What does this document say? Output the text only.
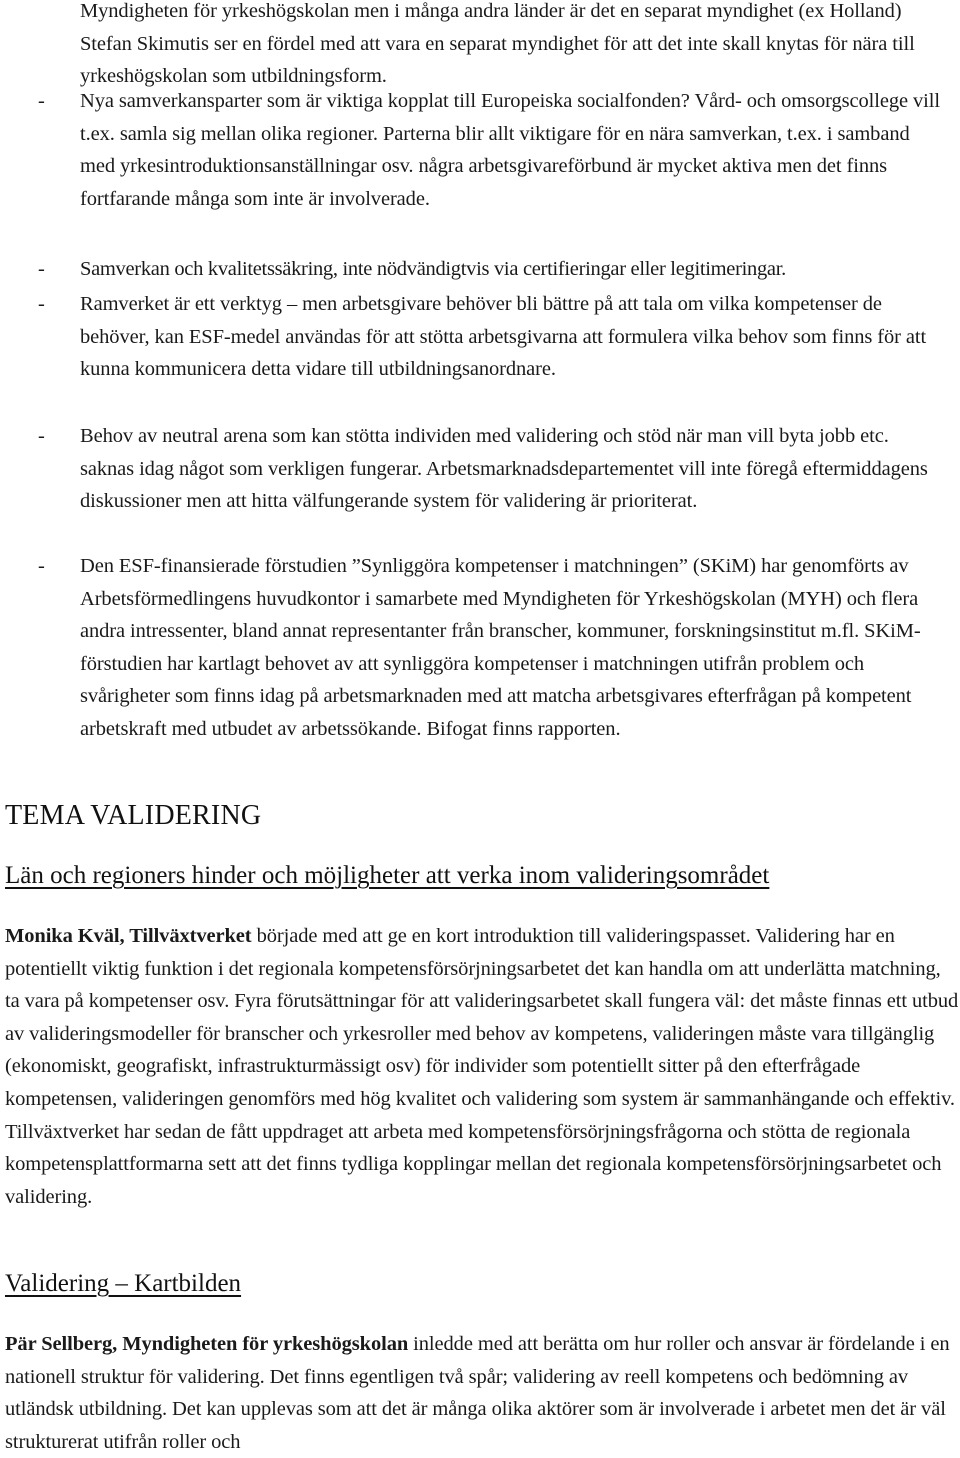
Myndigheten för yrkeshögskolan men i många andra länder är det en separat myndighet (ex Holland) Stefan Skimutis ser en fördel med att vara en separat myndighet för att det inte skall knytas för nära till yrkeshögskolan som utbildningsform.

- Nya samverkansparter som är viktiga kopplat till Europeiska socialfonden? Vård- och omsorgscollege vill t.ex. samla sig mellan olika regioner. Parterna blir allt viktigare för en nära samverkan, t.ex. i samband med yrkesintroduktionsanställningar osv. några arbetsgivareförbund är mycket aktiva men det finns fortfarande många som inte är involverade.

- Samverkan och kvalitetssäkring, inte nödvändigtvis via certifieringar eller legitimeringar.

- Ramverket är ett verktyg – men arbetsgivare behöver bli bättre på att tala om vilka kompetenser de behöver, kan ESF-medel användas för att stötta arbetsgivarna att formulera vilka behov som finns för att kunna kommunicera detta vidare till utbildningsanordnare.

- Behov av neutral arena som kan stötta individen med validering och stöd när man vill byta jobb etc. saknas idag något som verkligen fungerar. Arbetsmarknadsdepartementet vill inte föregå eftermiddagens diskussioner men att hitta välfungerande system för validering är prioriterat.

- Den ESF-finansierade förstudien ”Synliggöra kompetenser i matchningen” (SKiM) har genomförts av Arbetsförmedlingens huvudkontor i samarbete med Myndigheten för Yrkeshögskolan (MYH) och flera andra intressenter, bland annat representanter från branscher, kommuner, forskningsinstitut m.fl. SKiM-förstudien har kartlagt behovet av att synliggöra kompetenser i matchningen utifrån problem och svårigheter som finns idag på arbetsmarknaden med att matcha arbetsgivares efterfrågan på kompetent arbetskraft med utbudet av arbetssökande. Bifogat finns rapporten.

TEMA VALIDERING
Län och regioners hinder och möjligheter att verka inom valideringsområdet

Monika Kväl, Tillväxtverket började med att ge en kort introduktion till valideringspasset. Validering har en potentiellt viktig funktion i det regionala kompetensförsörjningsarbetet det kan handla om att underlätta matchning, ta vara på kompetenser osv. Fyra förutsättningar för att valideringsarbetet skall fungera väl: det måste finnas ett utbud av valideringsmodeller för branscher och yrkesroller med behov av kompetens, valideringen måste vara tillgänglig (ekonomiskt, geografiskt, infrastrukturmässigt osv) för individer som potentiellt sitter på den efterfrågade kompetensen, valideringen genomförs med hög kvalitet och validering som system är sammanhängande och effektiv. Tillväxtverket har sedan de fått uppdraget att arbeta med kompetensförsörjningsfrågorna och stötta de regionala kompetensplattformarna sett att det finns tydliga kopplingar mellan det regionala kompetensförsörjningsarbetet och validering.

Validering – Kartbilden

Pär Sellberg, Myndigheten för yrkeshögskolan inledde med att berätta om hur roller och ansvar är fördelande i en nationell struktur för validering. Det finns egentligen två spår; validering av reell kompetens och bedömning av utländsk utbildning. Det kan upplevas som att det är många olika aktörer som är involverade i arbetet men det är väl strukturerat utifrån roller och
